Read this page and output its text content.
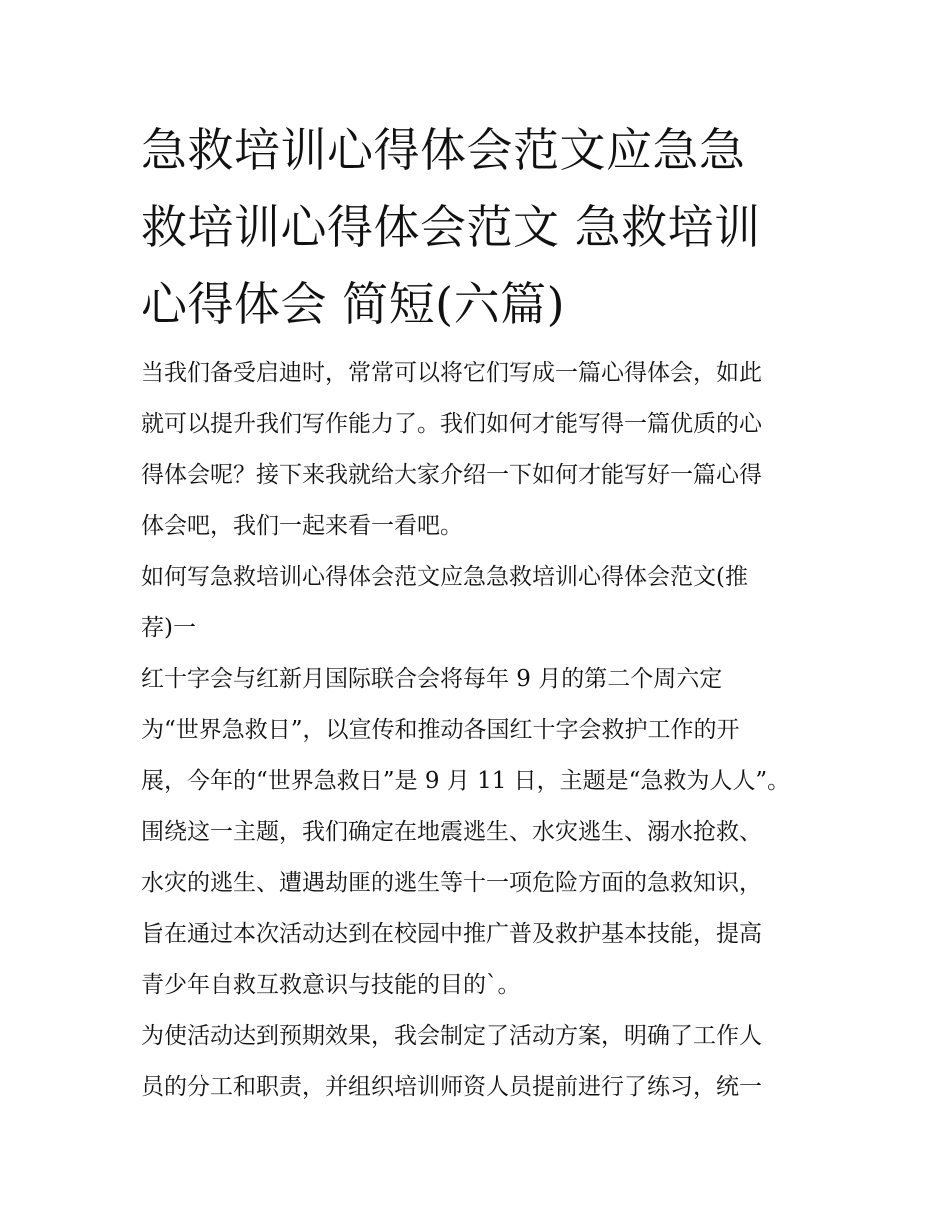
急救培训心得体会范文应急急
救培训心得体会范文 急救培训
心得体会 简短(六篇)

当我们备受启迪时，常常可以将它们写成一篇心得体会，如此
就可以提升我们写作能力了。我们如何才能写得一篇优质的心
得体会呢？接下来我就给大家介绍一下如何才能写好一篇心得
体会吧，我们一起来看一看吧。

如何写急救培训心得体会范文应急急救培训心得体会范文(推
荐)一

红十字会与红新月国际联合会将每年 9 月的第二个周六定
为“世界急救日”，以宣传和推动各国红十字会救护工作的开
展，今年的“世界急救日”是 9 月 11 日，主题是“急救为人人”。
围绕这一主题，我们确定在地震逃生、水灾逃生、溺水抢救、
水灾的逃生、遭遇劫匪的逃生等十一项危险方面的急救知识，
旨在通过本次活动达到在校园中推广普及救护基本技能，提高
青少年自救互救意识与技能的目的`。

为使活动达到预期效果，我会制定了活动方案，明确了工作人
员的分工和职责，并组织培训师资人员提前进行了练习，统一
